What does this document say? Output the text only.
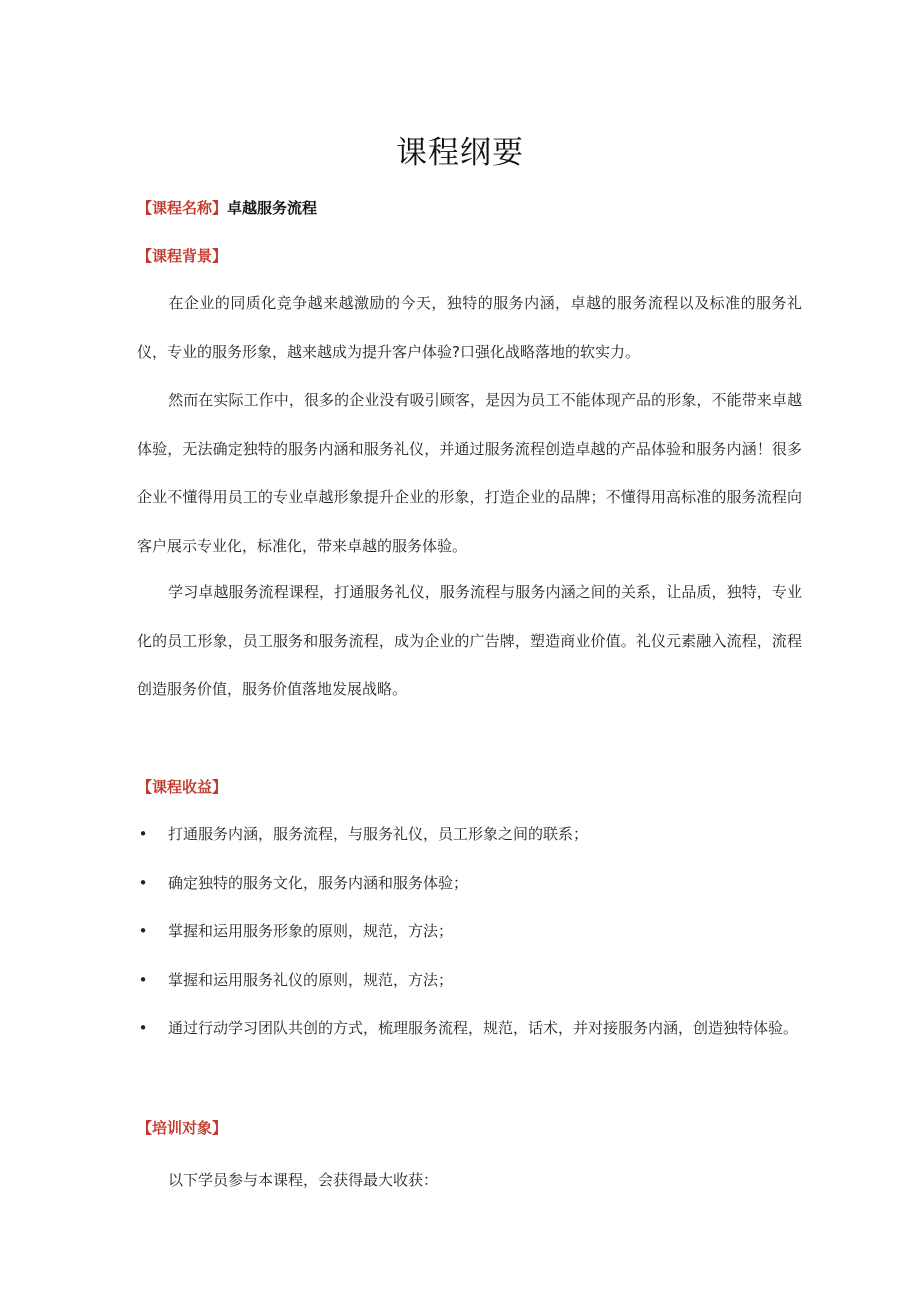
课程纲要
【课程名称】卓越服务流程
【课程背景】

在企业的同质化竞争越来越激励的今天，独特的服务内涵，卓越的服务流程以及标准的服务礼仪，专业的服务形象，越来越成为提升客户体验?口强化战略落地的软实力。

然而在实际工作中，很多的企业没有吸引顾客，是因为员工不能体现产品的形象，不能带来卓越体验，无法确定独特的服务内涵和服务礼仪，并通过服务流程创造卓越的产品体验和服务内涵！很多企业不懂得用员工的专业卓越形象提升企业的形象，打造企业的品牌；不懂得用高标准的服务流程向客户展示专业化，标准化，带来卓越的服务体验。

学习卓越服务流程课程，打通服务礼仪，服务流程与服务内涵之间的关系，让品质，独特，专业化的员工形象，员工服务和服务流程，成为企业的广告牌，塑造商业价值。礼仪元素融入流程，流程创造服务价值，服务价值落地发展战略。

【课程收益】
• 打通服务内涵，服务流程，与服务礼仪，员工形象之间的联系；
• 确定独特的服务文化，服务内涵和服务体验；
• 掌握和运用服务形象的原则，规范，方法；
• 掌握和运用服务礼仪的原则，规范，方法；
• 通过行动学习团队共创的方式，梳理服务流程，规范，话术，并对接服务内涵，创造独特体验。
【培训对象】

以下学员参与本课程，会获得最大收获：
